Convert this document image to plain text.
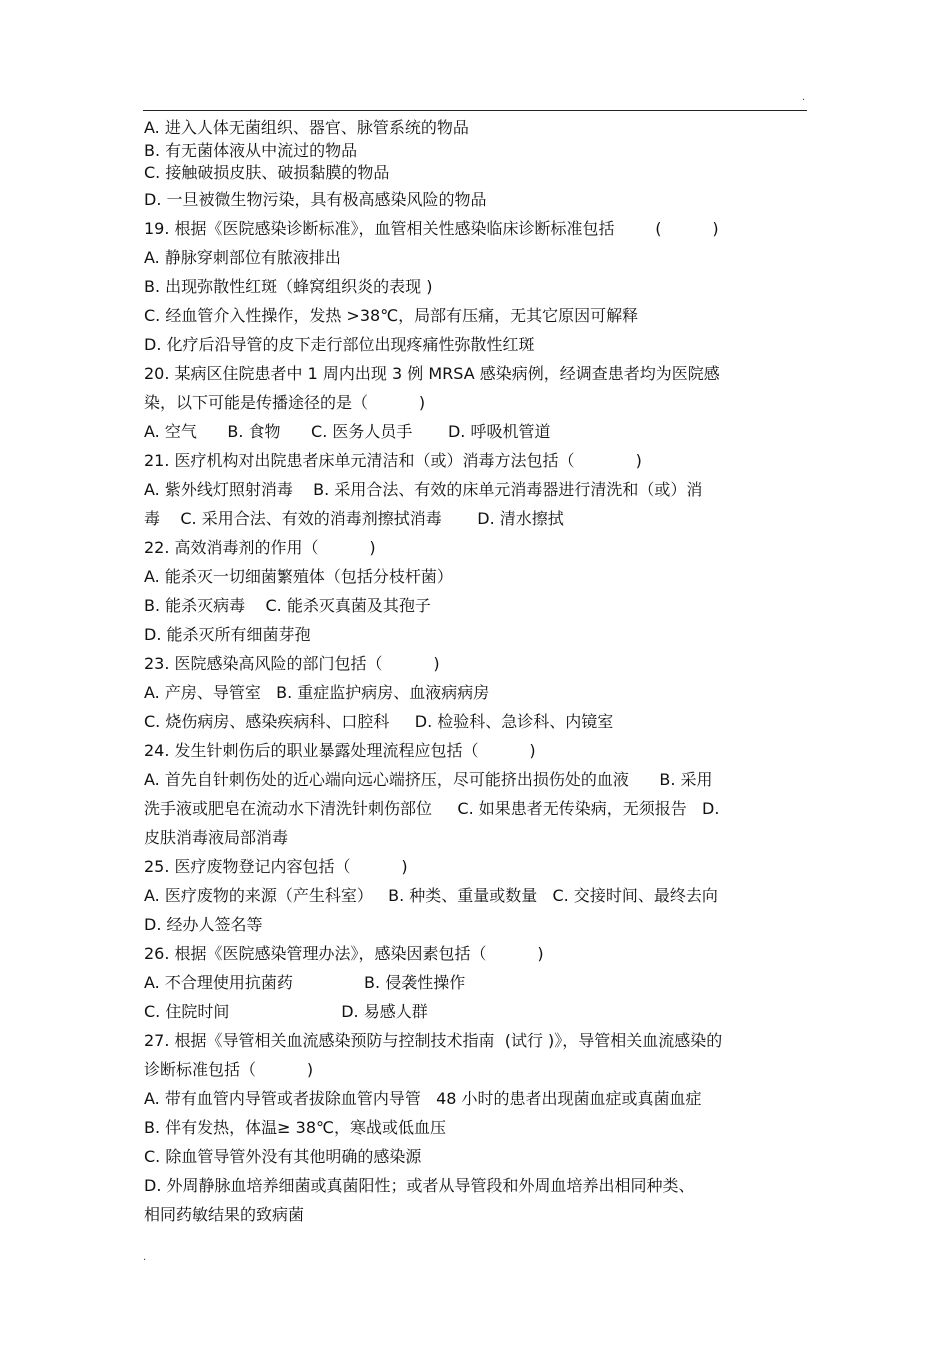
.
A. 进入人体无菌组织、器官、脉管系统的物品
B. 有无菌体液从中流过的物品
C. 接触破损皮肤、破损黏膜的物品
D. 一旦被微生物污染，具有极高感染风险的物品
19. 根据《医院感染诊断标准》，血管相关性感染临床诊断标准包括        (          )
A. 静脉穿刺部位有脓液排出
B. 出现弥散性红斑（蜂窝组织炎的表现 )
C. 经血管介入性操作，发热 >38℃，局部有压痛，无其它原因可解释
D. 化疗后沿导管的皮下走行部位出现疼痛性弥散性红斑
20. 某病区住院患者中 1 周内出现 3 例 MRSA 感染病例，经调查患者均为医院感
染，以下可能是传播途径的是（          )
A. 空气      B. 食物      C. 医务人员手       D. 呼吸机管道
21. 医疗机构对出院患者床单元清洁和（或）消毒方法包括（            )
A. 紫外线灯照射消毒    B. 采用合法、有效的床单元消毒器进行清洗和（或）消
毒    C. 采用合法、有效的消毒剂擦拭消毒       D. 清水擦拭
22. 高效消毒剂的作用（          )
A. 能杀灭一切细菌繁殖体（包括分枝杆菌）
B. 能杀灭病毒    C. 能杀灭真菌及其孢子
D. 能杀灭所有细菌芽孢
23. 医院感染高风险的部门包括（          )
A. 产房、导管室   B. 重症监护病房、血液病病房
C. 烧伤病房、感染疾病科、口腔科     D. 检验科、急诊科、内镜室
24. 发生针刺伤后的职业暴露处理流程应包括（          )
A. 首先自针刺伤处的近心端向远心端挤压，尽可能挤出损伤处的血液      B. 采用
洗手液或肥皂在流动水下清洗针刺伤部位     C. 如果患者无传染病，无须报告   D.
皮肤消毒液局部消毒
25. 医疗废物登记内容包括（          )
A. 医疗废物的来源（产生科室）   B. 种类、重量或数量   C. 交接时间、最终去向
D. 经办人签名等
26. 根据《医院感染管理办法》，感染因素包括（          )
A. 不合理使用抗菌药              B. 侵袭性操作
C. 住院时间                      D. 易感人群
27. 根据《导管相关血流感染预防与控制技术指南  (试行 )》，导管相关血流感染的
诊断标准包括（          )
A. 带有血管内导管或者拔除血管内导管   48 小时的患者出现菌血症或真菌血症
B. 伴有发热，体温≥ 38℃，寒战或低血压
C. 除血管导管外没有其他明确的感染源
D. 外周静脉血培养细菌或真菌阳性；或者从导管段和外周血培养出相同种类、
相同药敏结果的致病菌
.
